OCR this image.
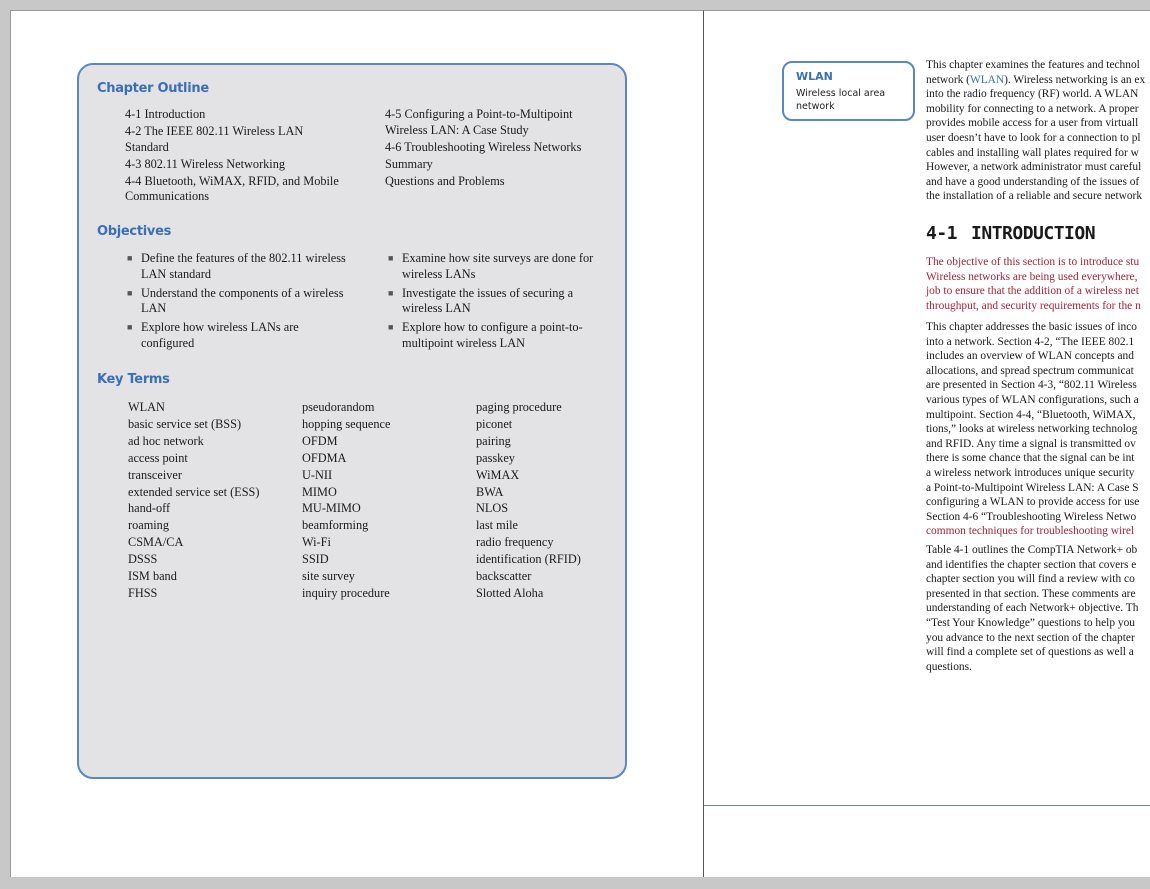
Chapter Outline
4-1 Introduction
4-2 The IEEE 802.11 Wireless LAN
Standard
4-3 802.11 Wireless Networking
4-4 Bluetooth, WiMAX, RFID, and Mobile
Communications
4-5 Configuring a Point-to-Multipoint
Wireless LAN: A Case Study
4-6 Troubleshooting Wireless Networks
Summary
Questions and Problems
Objectives
■ Define the features of the 802.11 wireless LAN standard
■ Understand the components of a wireless LAN
■ Explore how wireless LANs are configured
■ Examine how site surveys are done for wireless LANs
■ Investigate the issues of securing a wireless LAN
■ Explore how to configure a point-to-multipoint wireless LAN
Key Terms
WLAN
basic service set (BSS)
ad hoc network
access point
transceiver
extended service set (ESS)
hand-off
roaming
CSMA/CA
DSSS
ISM band
FHSS
pseudorandom
hopping sequence
OFDM
OFDMA
U-NII
MIMO
MU-MIMO
beamforming
Wi-Fi
SSID
site survey
inquiry procedure
paging procedure
piconet
pairing
passkey
WiMAX
BWA
NLOS
last mile
radio frequency
identification (RFID)
backscatter
Slotted Aloha
WLAN
Wireless local area network
This chapter examines the features and technol
network (WLAN). Wireless networking is an ex
into the radio frequency (RF) world. A WLAN
mobility for connecting to a network. A proper
provides mobile access for a user from virtuall
user doesn’t have to look for a connection to pl
cables and installing wall plates required for w
However, a network administrator must careful
and have a good understanding of the issues of
the installation of a reliable and secure network
4-1 INTRODUCTION
The objective of this section is to introduce stu
Wireless networks are being used everywhere,
job to ensure that the addition of a wireless net
throughput, and security requirements for the n
This chapter addresses the basic issues of inco
into a network. Section 4-2, “The IEEE 802.1
includes an overview of WLAN concepts and
allocations, and spread spectrum communicat
are presented in Section 4-3, “802.11 Wireless
various types of WLAN configurations, such a
multipoint. Section 4-4, “Bluetooth, WiMAX,
tions,” looks at wireless networking technolog
and RFID. Any time a signal is transmitted ov
there is some chance that the signal can be int
a wireless network introduces unique security
a Point-to-Multipoint Wireless LAN: A Case S
configuring a WLAN to provide access for use
Section 4-6 “Troubleshooting Wireless Netwo
common techniques for troubleshooting wirel
Table 4-1 outlines the CompTIA Network+ ob
and identifies the chapter section that covers e
chapter section you will find a review with co
presented in that section. These comments are
understanding of each Network+ objective. Th
“Test Your Knowledge” questions to help you
you advance to the next section of the chapter
will find a complete set of questions as well a
questions.
